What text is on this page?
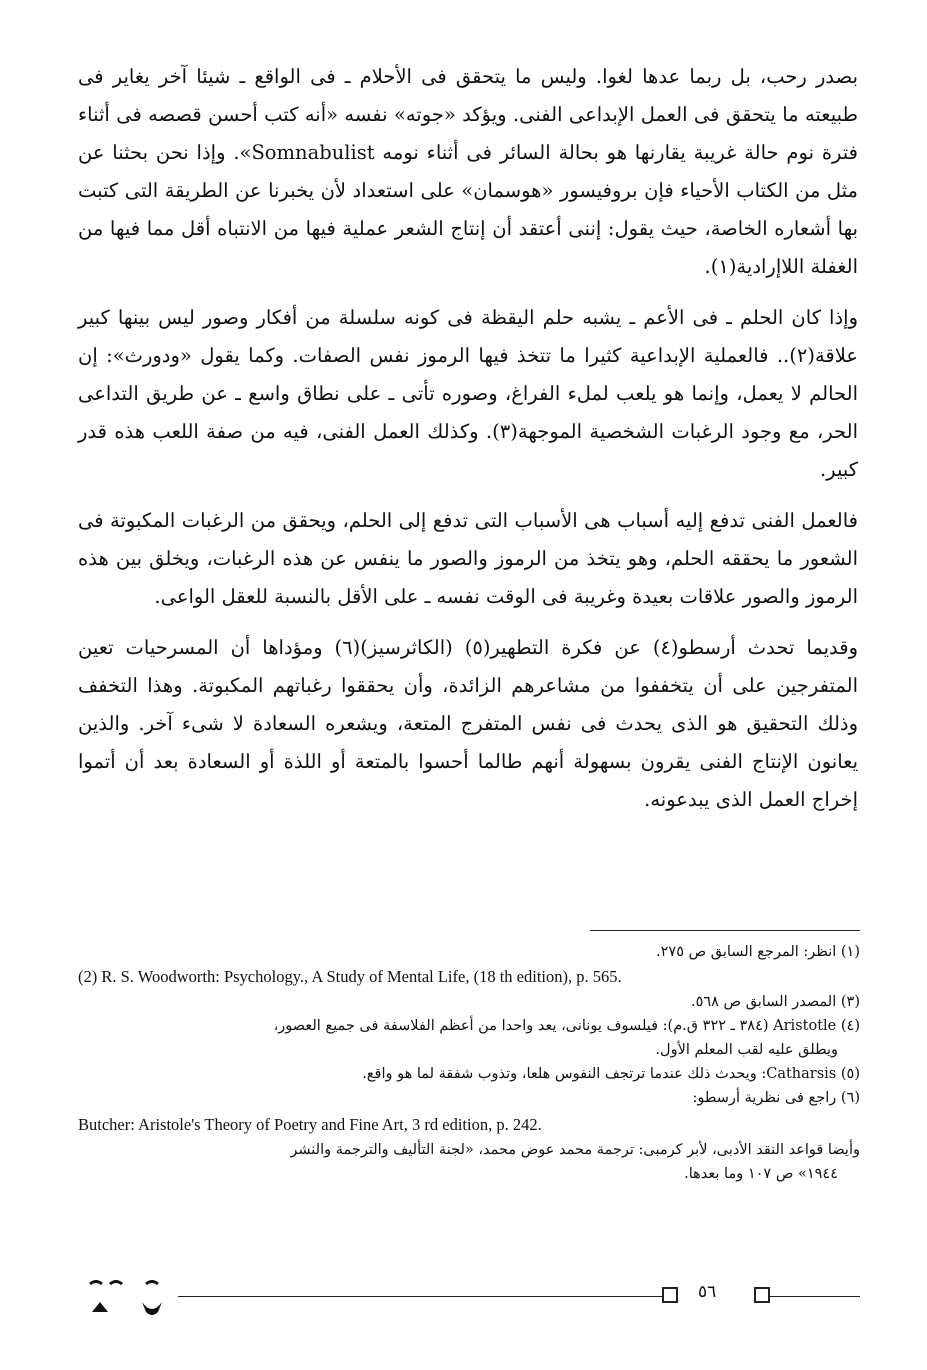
بصدر رحب، بل ربما عدها لغوا. وليس ما يتحقق فى الأحلام ـ فى الواقع ـ شيئا آخر يغاير فى طبيعته ما يتحقق فى العمل الإبداعى الفنى. ويؤكد «جوته» نفسه «أنه كتب أحسن قصصه فى أثناء فترة نوم حالة غريبة يقارنها هو بحالة السائر فى أثناء نومه Somnabulist». وإذا نحن بحثنا عن مثل من الكتاب الأحياء فإن بروفيسور «هوسمان» على استعداد لأن يخبرنا عن الطريقة التى كتبت بها أشعاره الخاصة، حيث يقول: إننى أعتقد أن إنتاج الشعر عملية فيها من الانتباه أقل مما فيها من الغفلة اللاإرادية(١).

وإذا كان الحلم ـ فى الأعم ـ يشبه حلم اليقظة فى كونه سلسلة من أفكار وصور ليس بينها كبير علاقة(٢).. فالعملية الإبداعية كثيرا ما تتخذ فيها الرموز نفس الصفات. وكما يقول «ودورث»: إن الحالم لا يعمل، وإنما هو يلعب لملء الفراغ، وصوره تأتى ـ على نطاق واسع ـ عن طريق التداعى الحر، مع وجود الرغبات الشخصية الموجهة(٣). وكذلك العمل الفنى، فيه من صفة اللعب هذه قدر كبير.

فالعمل الفنى تدفع إليه أسباب هى الأسباب التى تدفع إلى الحلم، ويحقق من الرغبات المكبوتة فى الشعور ما يحققه الحلم، وهو يتخذ من الرموز والصور ما ينفس عن هذه الرغبات، ويخلق بين هذه الرموز والصور علاقات بعيدة وغريبة فى الوقت نفسه ـ على الأقل بالنسبة للعقل الواعى.

وقديما تحدث أرسطو(٤) عن فكرة التطهير(٥) (الكاثرسيز)(٦) ومؤداها أن المسرحيات تعين المتفرجين على أن يتخففوا من مشاعرهم الزائدة، وأن يحققوا رغباتهم المكبوتة. وهذا التخفف وذلك التحقيق هو الذى يحدث فى نفس المتفرج المتعة، ويشعره السعادة لا شىء آخر. والذين يعانون الإنتاج الفنى يقرون بسهولة أنهم طالما أحسوا بالمتعة أو اللذة أو السعادة بعد أن أتموا إخراج العمل الذى يبدعونه.

(١) انظر: المرجع السابق ص ٢٧٥.
(2) R. S. Woodworth: Psychology., A Study of Mental Life, (18 th edition), p. 565.
(٣) المصدر السابق ص ٥٦٨.
(٤) Aristotle (٣٨٤ ـ ٣٢٢ ق.م): فيلسوف يونانى، يعد واحدا من أعظم الفلاسفة فى جميع العصور،
ويطلق عليه لقب المعلم الأول.
(٥) Catharsis: ويحدث ذلك عندما ترتجف النفوس هلعا، وتذوب شفقة لما هو واقع.
(٦) راجع فى نظرية أرسطو:
Butcher: Aristole's Theory of Poetry and Fine Art, 3 rd edition, p. 242.
وأيضا قواعد النقد الأدبى، لأبر كرمبى: ترجمة محمد عوض محمد، «لجنة التأليف والترجمة والنشر
١٩٤٤» ص ١٠٧ وما بعدها.
٥٦
